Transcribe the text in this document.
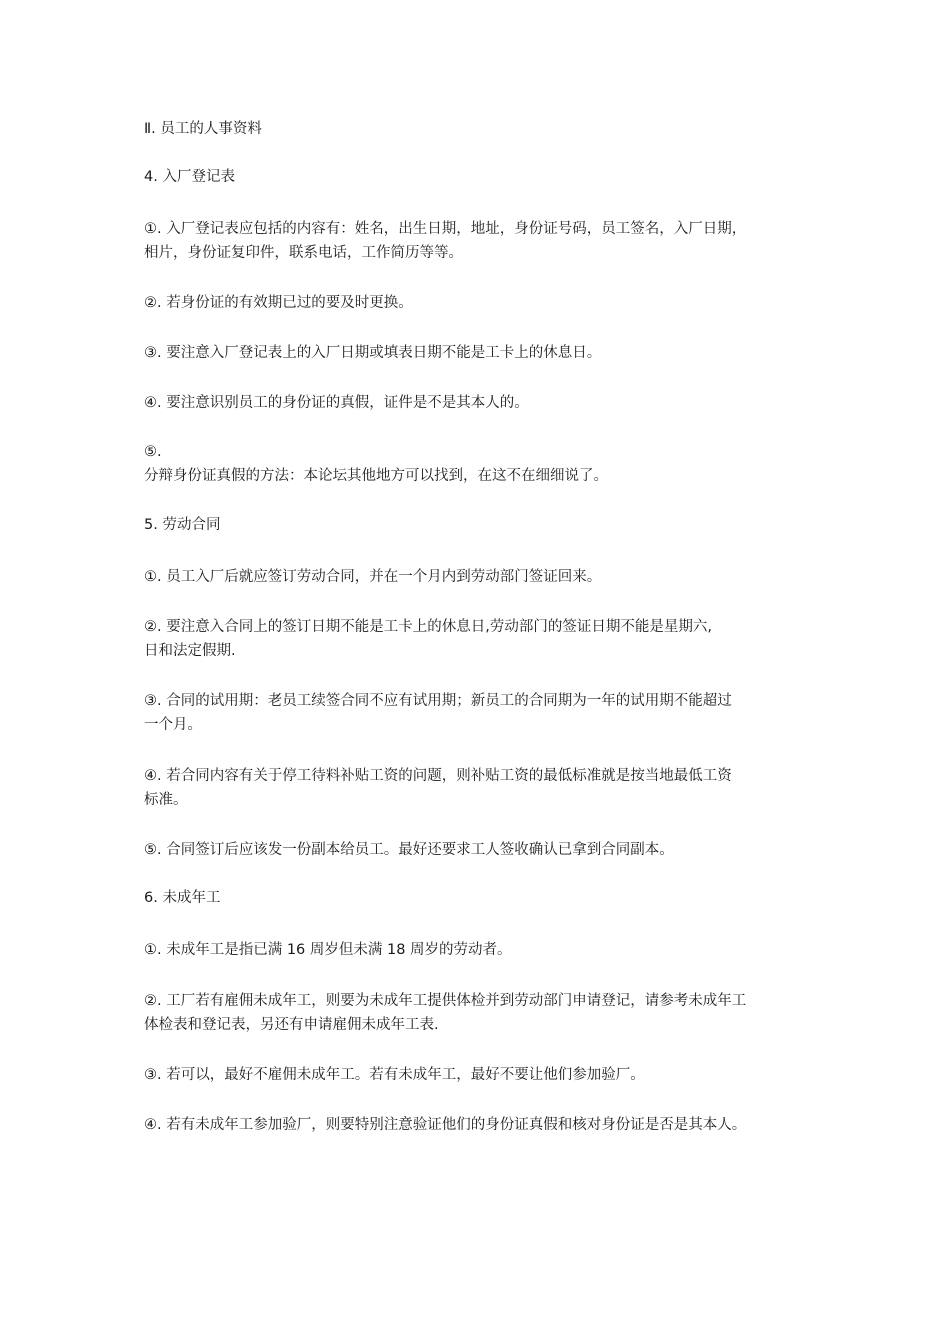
Ⅱ. 员工的人事资料
4. 入厂登记表
①. 入厂登记表应包括的内容有：姓名，出生日期，地址，身份证号码，员工签名，入厂日期，
相片，身份证复印件，联系电话，工作简历等等。
②. 若身份证的有效期已过的要及时更换。
③. 要注意入厂登记表上的入厂日期或填表日期不能是工卡上的休息日。
④. 要注意识别员工的身份证的真假，证件是不是其本人的。
⑤.
分辩身份证真假的方法：本论坛其他地方可以找到，在这不在细细说了。
5. 劳动合同
①. 员工入厂后就应签订劳动合同，并在一个月内到劳动部门签证回来。
②. 要注意入合同上的签订日期不能是工卡上的休息日,劳动部门的签证日期不能是星期六,
日和法定假期.
③. 合同的试用期：老员工续签合同不应有试用期；新员工的合同期为一年的试用期不能超过
一个月。
④. 若合同内容有关于停工待料补贴工资的问题，则补贴工资的最低标准就是按当地最低工资
标准。
⑤. 合同签订后应该发一份副本给员工。最好还要求工人签收确认已拿到合同副本。
6. 未成年工
①. 未成年工是指已满 16 周岁但未满 18 周岁的劳动者。
②. 工厂若有雇佣未成年工，则要为未成年工提供体检并到劳动部门申请登记，请参考未成年工
体检表和登记表，另还有申请雇佣未成年工表.
③. 若可以，最好不雇佣未成年工。若有未成年工，最好不要让他们参加验厂。
④. 若有未成年工参加验厂，则要特别注意验证他们的身份证真假和核对身份证是否是其本人。
